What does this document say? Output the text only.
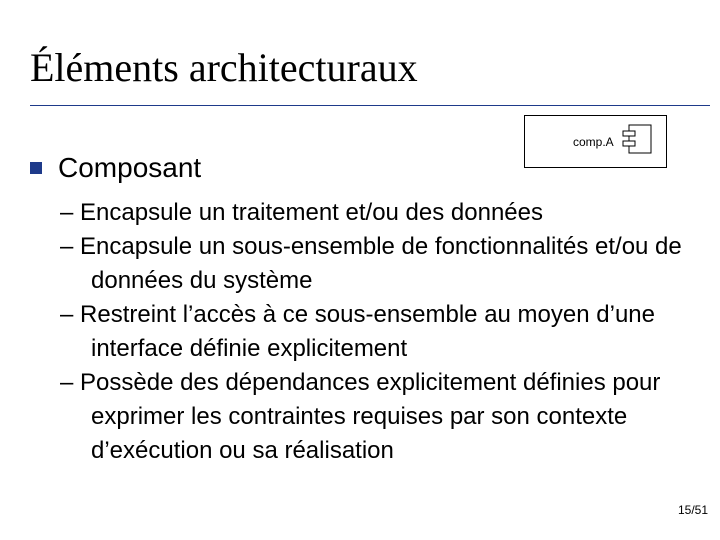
Éléments architecturaux
comp.A
Composant
– Encapsule un traitement et/ou des données
– Encapsule un sous-ensemble de fonctionnalités et/ou de données du système
– Restreint l’accès à ce sous-ensemble au moyen d’une interface définie explicitement
– Possède des dépendances explicitement définies pour exprimer les contraintes requises par son contexte d’exécution ou sa réalisation
15/51
